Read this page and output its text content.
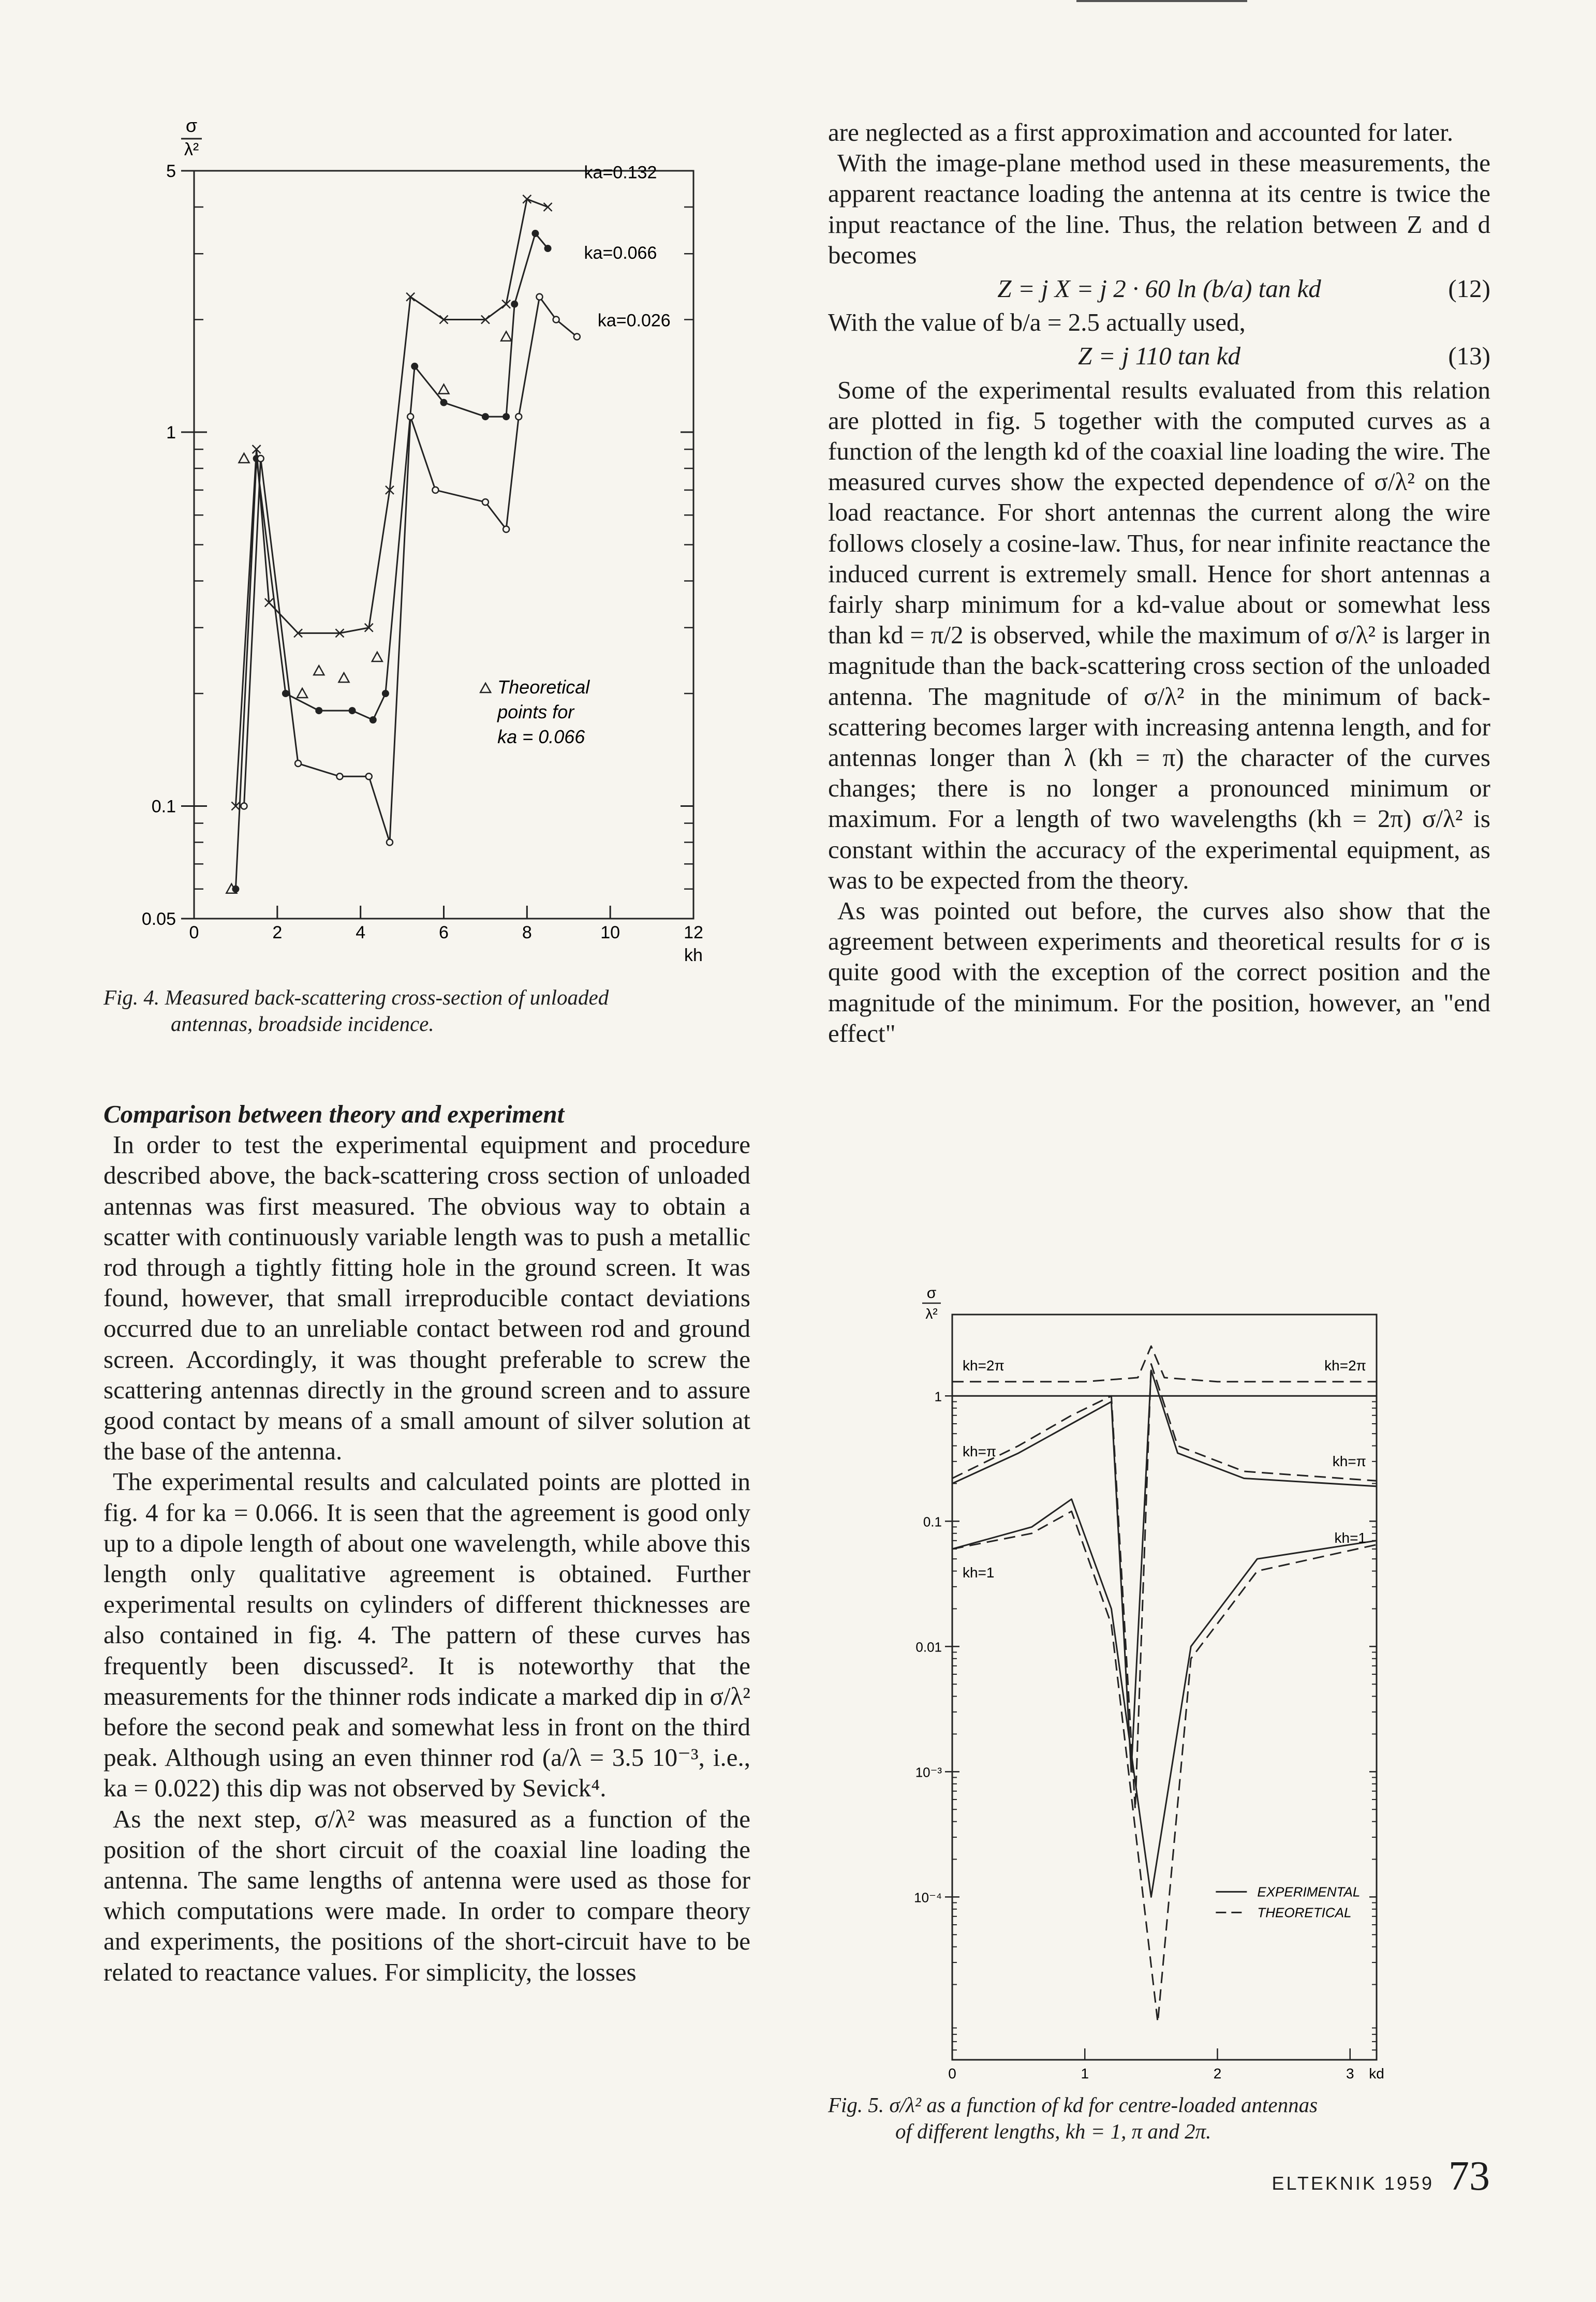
σ
λ²
5
1
0.1
0.05
0	2	4	6	8	10	12
kh
ka=0.132
ka=0.066
ka=0.026
Theoretical
points for
ka = 0.066
Fig. 4. Measured back-scattering cross-section of unloaded
antennas, broadside incidence.

Comparison between theory and experiment

In order to test the experimental equipment and procedure described above, the back-scattering cross section of unloaded antennas was first measured. The obvious way to obtain a scatter with continuously variable length was to push a metallic rod through a tightly fitting hole in the ground screen. It was found, however, that small irreproducible contact deviations occurred due to an unreliable contact between rod and ground screen. Accordingly, it was thought preferable to screw the scattering antennas directly in the ground screen and to assure good contact by means of a small amount of silver solution at the base of the antenna.

The experimental results and calculated points are plotted in fig. 4 for ka = 0.066. It is seen that the agreement is good only up to a dipole length of about one wavelength, while above this length only qualitative agreement is obtained. Further experimental results on cylinders of different thicknesses are also contained in fig. 4. The pattern of these curves has frequently been discussed². It is noteworthy that the measurements for the thinner rods indicate a marked dip in σ/λ² before the second peak and somewhat less in front on the third peak. Although using an even thinner rod (a/λ = 3.5 10⁻³, i.e., ka = 0.022) this dip was not observed by Sevick⁴.

As the next step, σ/λ² was measured as a function of the position of the short circuit of the coaxial line loading the antenna. The same lengths of antenna were used as those for which computations were made. In order to compare theory and experiments, the positions of the short-circuit have to be related to reactance values. For simplicity, the losses

are neglected as a first approximation and accounted for later.

With the image-plane method used in these measurements, the apparent reactance loading the antenna at its centre is twice the input reactance of the line. Thus, the relation between Z and d becomes

Z = j X = j 2 · 60 ln (b/a) tan kd	(12)

With the value of b/a = 2.5 actually used,

Z = j 110 tan kd	(13)

Some of the experimental results evaluated from this relation are plotted in fig. 5 together with the computed curves as a function of the length kd of the coaxial line loading the wire. The measured curves show the expected dependence of σ/λ² on the load reactance. For short antennas the current along the wire follows closely a cosine-law. Thus, for near infinite reactance the induced current is extremely small. Hence for short antennas a fairly sharp minimum for a kd-value about or somewhat less than kd = π/2 is observed, while the maximum of σ/λ² is larger in magnitude than the back-scattering cross section of the unloaded antenna. The magnitude of σ/λ² in the minimum of back-scattering becomes larger with increasing antenna length, and for antennas longer than λ (kh = π) the character of the curves changes; there is no longer a pronounced minimum or maximum. For a length of two wavelengths (kh = 2π) σ/λ² is constant within the accuracy of the experimental equipment, as was to be expected from the theory.

As was pointed out before, the curves also show that the agreement between experiments and theoretical results for σ is quite good with the exception of the correct position and the magnitude of the minimum. For the position, however, an "end effect"

σ
λ²
1
0.1
0.01
10⁻³
10⁻⁴
0	1	2	3 kd
kh=2π	kh=2π
kh=π
kh=π
kh=1
kh=1
EXPERIMENTAL
THEORETICAL
Fig. 5. σ/λ² as a function of kd for centre-loaded antennas
of different lengths, kh = 1, π and 2π.
ELTEKNIK 1959 73
